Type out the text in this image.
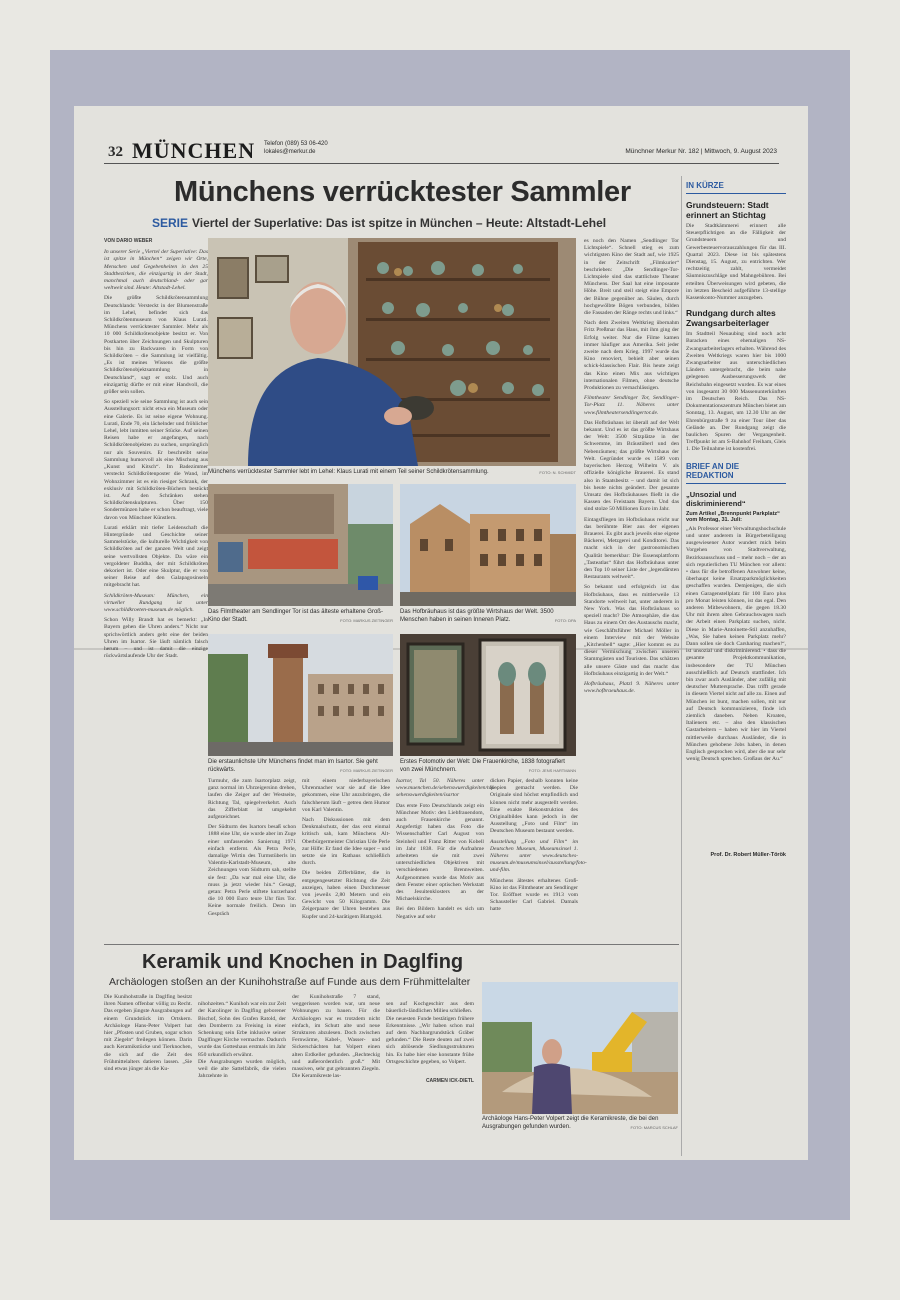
32 MÜNCHEN Telefon (089) 53 06-420
lokales@merkur.de	Münchner Merkur Nr. 182 | Mittwoch, 9. August 2023
Münchens verrücktester Sammler
SERIE Viertel der Superlative: Das ist spitze in München – Heute: Altstadt-Lehel
VON DARIO WEBER

In unserer Serie „Viertel der Superlative: Das ist spitze in München“ zeigen wir Orte, Menschen und Gegebenheiten in den 25 Stadtbezirken, die einzigartig in der Stadt, manchmal auch deutschland- oder gar weltweit sind. Heute: Altstadt-Lehel.

Die größte Schildkrötensammlung Deutschlands: Versteckt in der Blumenstraße im Lehel, befindet sich das Schildkrötenmuseum von Klaus Lurati. Münchens verrücktester Sammler. Mehr als 10 000 Schildkrötenobjekte besitzt er. Von Postkarten über Zeichnungen und Skulpturen bis hin zu Backwaren in Form von Schildkröten – die Sammlung ist vielfältig. „Es ist meines Wissens die größte Schildkrötenobjektsammlung in Deutschland“, sagt er stolz. Und auch einzigartig dürfte er mit einer Handvoll, die größer sein sollen.

So speziell wie seine Sammlung ist auch sein Ausstellungsort: nicht etwa ein Museum oder eine Galerie. Es ist seine eigene Wohnung. Lurati, Ende 70, ein lächelnder und fröhlicher Lehel, lebt inmitten seiner Stücke. Auf seinen Reisen habe er angefangen, nach Schildkrötenobjekten zu suchen, ursprünglich nur als Souvenirs. Er beschreibt seine Sammlung humorvoll als eine Mischung aus „Kunst und Kitsch“. Im Badezimmer versteckt Schildkrötenposter die Wand, im Wohnzimmer ist es ein riesiger Schrank, der exklusiv mit Schildkröten-Büchern bestückt ist. Auf den Schränken stehen Schildkrötenskulpturen. Über 150 Sondermünzen habe er schon beauftragt, viele davon von Münchner Künstlern.

Lurati erklärt mit tiefer Leidenschaft die Hintergründe und Geschichte seiner Sammelstücke, die kulturelle Wichtigkeit von Schildkröten auf der ganzen Welt und zeigt seine wertvollsten Objekte. Da wäre ein vergoldeter Buddha, der mit Schildkröten dekoriert ist. Oder eine Skulptur, die er von seiner Reise auf den Galapagosinseln mitgebracht hat.

Schildkröten-Museum: München, ein virtueller Rundgang ist unter www.schildkroeten-museum.de möglich.

Schon Willy Brandt hat es bemerkt: „In Bayern gehen die Uhren anders.“ Nicht nur sprichwörtlich anders geht eine der beiden Uhren im Isartor. Sie läuft nämlich falsch herum – und ist damit die einzige rückwärtslaufende Uhr der Stadt.

Münchens verrücktester Sammler lebt im Lehel: Klaus Lurati mit einem Teil seiner Schildkrötensammlung.	FOTO: N. SCHMIDT
Das Filmtheater am Sendlinger Tor ist das älteste erhaltene Groß-Kino der Stadt.	FOTO: MARKUS ZIETINGER
Das Hofbräuhaus ist das größte Wirtshaus der Welt. 3500 Menschen haben in seinen Inneren Platz.	FOTO: DPA
Die erstaunlichste Uhr Münchens findet man im Isartor. Sie geht rückwärts.	FOTO: MARKUS ZIETINGER
Erstes Fotomotiv der Welt: Die Frauenkirche, 1838 fotografiert von zwei Münchnern.	FOTO: JENS HARTMANN

Turmuhr, die zum Isartorplatz zeigt, ganz normal im Uhrzeigersinn drehen, laufen die Zeiger auf der Westseite, Richtung Tal, spiegelverkehrt. Auch das Zifferblatt ist umgekehrt aufgezeichnet.

Der Südturm des Isartors besaß schon 1888 eine Uhr, sie wurde aber im Zuge einer umfassenden Sanierung 1971 einfach entfernt. Als Petra Perle, damalige Wirtin des Turmstüberls im Valentin-Karlstadt-Museum, alte Zeichnungen vom Südturm sah, stellte sie fest: „Da war mal eine Uhr, die muss ja jetzt wieder hin.“ Gesagt, getan: Petra Perle stiftete kurzerhand die 10 000 Euro teure Uhr fürs Tor. Keine normale freilich. Denn im Gespräch

mit einem niederbayerischen Uhrenmacher war sie auf die Idee gekommen, eine Uhr anzubringen, die falschherum läuft – getreu dem Humor von Karl Valentin.

Nach Diskussionen mit dem Denkmalschutz, der das erst einmal kritisch sah, kam Münchens Alt-Oberbürgermeister Christian Ude Perle zur Hilfe: Er fand die Idee super – und setzte sie im Rathaus schließlich durch.

Die beiden Zifferblätter, die in entgegengesetzter Richtung die Zeit anzeigen, haben einen Durchmesser von jeweils 2,80 Metern und ein Gewicht von 50 Kilogramm. Die Zeigerpaare der Uhren bestehen aus Kupfer und 24-karätigem Blattgold.

Isartor, Tal 50. Näheres unter www.muenchen.de/sehenswuerdigkeiten/top-sehenswuerdigkeiten/isartor

Das erste Foto Deutschlands zeigt ein Münchner Motiv: den Liebfrauendom, auch Frauenkirche genannt. Angefertigt haben das Foto die Wissenschaftler Carl August von Steinheil und Franz Ritter von Kobell im Jahr 1838. Für die Aufnahme arbeiteten sie mit zwei unterschiedlichen Objektiven mit verschiedenen Brennweiten. Aufgenommen wurde das Motiv aus dem Fenster einer optischen Werkstatt des Jesuitenklosters an der Michaelskirche.

Bei den Bildern handelt es sich um Negative auf sehr

dicken Papier, deshalb konnten keine Kopien gemacht werden. Die Originale sind höchst empfindlich und können nicht mehr ausgestellt werden. Eine exakte Rekonstruktion des Originalbildes kann jedoch in der Ausstellung „Foto und Film“ im Deutschen Museum bestaunt werden.

Ausstellung „Foto und Film“ im Deutschen Museum, Museumsinsel 1. Näheres unter www.deutsches-museum.de/museumsinsel/ausstellung/foto-und-film.

Münchens ältestes erhaltenes Groß-Kino ist das Filmtheater am Sendlinger Tor. Eröffnet wurde es 1913 vom Schausteller Carl Gabriel. Damals hatte

es noch den Namen „Sendlinger Tor Lichtspiele“. Schnell stieg es zum wichtigsten Kino der Stadt auf, wie 1925 in der Zeitschrift „Filmkurier“ beschrieben: „Die Sendlinger-Tor-Lichtspiele sind das stattlichste Theater Münchens. Der Saal hat eine imposante Höhe. Breit und steil steigt eine Empore der Bühne gegenüber an. Säulen, durch hochgewölbte Bögen verbunden, bilden die Fassaden der Ränge rechts und links.“

Nach dem Zweiten Weltkrieg übernahm Fritz Preßmar das Haus, mit ihm ging der Erfolg weiter. Nur die Filme kamen immer häufiger aus Amerika. Seit jeder zweite nach dem Krieg. 1997 wurde das Kino renoviert, behielt aber seinen schick-klassischen Flair. Bis heute zeigt das Kino einen Mix aus wichtigen internationalen Filmen, ohne deutsche Produktionen zu vernachlässigen.

Filmtheater Sendlinger Tor, Sendlinger-Tor-Platz 11. Näheres unter www.filmtheatersendlingertor.de.

Das Hofbräuhaus ist überall auf der Welt bekannt. Und es ist das größte Wirtshaus der Welt: 3500 Sitzplätze in der Schwemme, im Bräustüberl und den Nebenräumen; das größte Wirtshaus der Welt. Gegründet wurde es 1589 vom bayerischen Herzog Wilhelm V. als offizielle königliche Brauerei. Es stand also in Staatsbesitz – und damit ist sich bis heute nichts geändert. Der gesamte Umsatz des Hofbräuhauses fließt in die Kassen des Freistaats Bayern. Und das sind stolze 50 Millionen Euro im Jahr.

Eintagsfliegen im Hofbräuhaus reicht nur das berühmte Bier aus der eigenen Brauerei. Es gibt auch jeweils eine eigene Bäckerei, Metzgerei und Konditorei. Das macht sich in der gastronomischen Qualität bemerkbar: Die Essensplattform „Tasteatlas“ führt das Hofbräuhaus unter den Top 10 seiner Liste der „legendärsten Restaurants weltweit“.

So bekannt und erfolgreich ist das Hofbräuhaus, dass es mittlerweile 13 Standorte weltweit hat, unter anderem in New York. Was das Hofbräuhaus so speziell macht? Die Atmosphäre, die das Haus zu einem Ort des Austauschs macht, wie Geschäftsführer Michael Möller in einem Interview mit der Website „Kitchenbell“ sagte: „Hier kommt es zu dieser Vermischung zwischen unseren Stammgästen und Touristen. Das schätzen alle unsere Gäste und das macht das Hofbräuhaus einzigartig in der Welt.“

Hofbräuhaus, Platzl 9. Näheres unter www.hofbraeuhaus.de.

IN KÜRZE
Grundsteuern: Stadt erinnert an Stichtag
Die Stadtkämmerei erinnert alle Steuerpflichtigen an die Fälligkeit der Grundsteuern und Gewerbesteuervorauszahlungen für das III. Quartal 2023. Diese ist bis spätestens Dienstag, 15. August, zu entrichten. Wer rechtzeitig zahlt, vermeidet Säumniszuschläge und Mahngebühren. Bei erteilten Überweisungen wird gebeten, die im letzten Bescheid aufgeführte 13-stellige Kassenkonto-Nummer anzugeben.
Rundgang durch altes Zwangsarbeiterlager
Im Stadtteil Neuaubing sind noch acht Baracken eines ehemaligen NS-Zwangsarbeiterlagers erhalten. Während des Zweiten Weltkriegs waren hier bis 1000 Zwangsarbeiter aus unterschiedlichen Ländern untergebracht, die beim nahe gelegenen Ausbesserungswerk der Reichsbahn eingesetzt wurden. Es war eines von insgesamt 30 000 Massenunterkünften im Deutschen Reich. Das NS-Dokumentationszentrum München bietet am Sonntag, 13. August, um 12.30 Uhr an der Ehrenbürgstraße 9 zu einer Tour über das Gelände an. Der Rundgang zeigt die baulichen Spuren der Vergangenheit. Treffpunkt ist am S-Bahnhof Freiham, Gleis 1. Die Teilnahme ist kostenfrei.
BRIEF AN DIE REDAKTION
„Unsozial und diskriminierend“
Zum Artikel „Brennpunkt Parkplatz“ vom Montag, 31. Juli:
„Als Professor einer Verwaltungshochschule und unter anderem in Bürgerbeteiligung ausgewiesener Autor wundert mich beim Vorgehen von Stadtverwaltung, Bezirksausschuss und – mehr noch – der an sich reputierlichen TU München vor allem: • dass für die betroffenen Anwohner keine, überhaupt keine Ersatzparkmöglichkeiten geschaffen wurden. Demjenigen, die sich einen Garagenstellplatz für 100 Euro plus pro Monat leisten können, ist das egal. Den anderen Mitbewohnern, die gegen 18.30 Uhr mit ihrem alten Gebrauchswagen nach der Arbeit einen Parkplatz suchen, nicht. Diese in Marie-Antoinette-Stil anzuhaffen, „Was, Sie haben keinen Parkplatz mehr? Dann sollen sie doch Carsharing machen!“, ist unsozial und diskriminierend. • dass die gesamte Projektkommunikation, insbesondere der TU München ausschließlich auf Deutsch stattfindet. Ich bin zwar auch Ausländer, aber zufällig mit deutscher Muttersprache. Das trifft gerade in diesem Viertel nicht auf alle zu. Einen auf München ist bunt, machen sollen, mit nur auf Deutsch kommunizieren, finde ich ziemlich daneben. Neben Kroaten, Italienern etc. – also den klassischen Gastarbeitern – haben wir hier im Viertel mittlerweile durchaus Ausländer, die in München gehobene Jobs haben, in denen Englisch gesprochen wird, aber die nur sehr wenig Deutsch sprechen. Großaus der Au.“
Prof. Dr. Robert Müller-Török
Keramik und Knochen in Daglfing
Archäologen stoßen an der Kunihohstraße auf Funde aus dem Frühmittelalter

Die Kunihohstraße in Daglfing besitzt ihren Namen offenbar völlig zu Recht. Das ergeben jüngste Ausgrabungen auf einem Grundstück im Ortskern. Archäologe Hans-Peter Volpert hat hier „Pfosten und Gruben, sogar schon mit Ziegeln“ freilegen können. Darin auch Keramikstücke und Tierknochen, die sich auf die Zeit des Frühmittelalters datieren lassen. „Sie sind etwas jünger als die Ku-

nihohzeiten.“ Kunihoh war ein zur Zeit der Karolinger in Daglfing geborener Bischof, Sohn des Grafen Ratold, der den Domberrn zu Freising in einer Schenkung sein Erbe inklusive seiner Daglfinger Kirche vermachte. Dadurch wurde das Gotteshaus erstmals im Jahr 850 urkundlich erwähnt.
Die Ausgrabungen wurden möglich, weil die alte Sattelfabrik, die vielen Jahrzehnte in

der Kunihohstraße 7 stand, weggerissen worden war, um neue Wohnungen zu bauen. Für die Archäologen war es trotzdem nicht einfach, im Schutt alte und neue Strukturen abzulesen. Doch zwischen Fernwärme, Kabel-, Wasser- und Sickerschächten hat Volpert einen alten Erdkeller gefunden. „Rechteckig und außerordentlich groß.“ Mit massiven, sehr gut gebrannten Ziegeln. Die Keramikreste las-

sen auf Kochgeschirr aus dem bäuerlich-ländlichen Milieu schließen.
Die neuesten Funde bestätigen frühere Erkenntnisse. „Wir haben schon mal auf dem Nachbargrundstück Gräber gefunden.“ Die Reste deuten auf zwei sich ablösende Siedlungsstrukturen hin. Es habe hier eine konstante frühe Ortsgeschichte gegeben, so Volpert.

CARMEN ICK-DIETL

Archäologe Hans-Peter Volpert zeigt die Keramikreste, die bei den Ausgrabungen gefunden wurden.	FOTO: MARCUS SCHLAF
